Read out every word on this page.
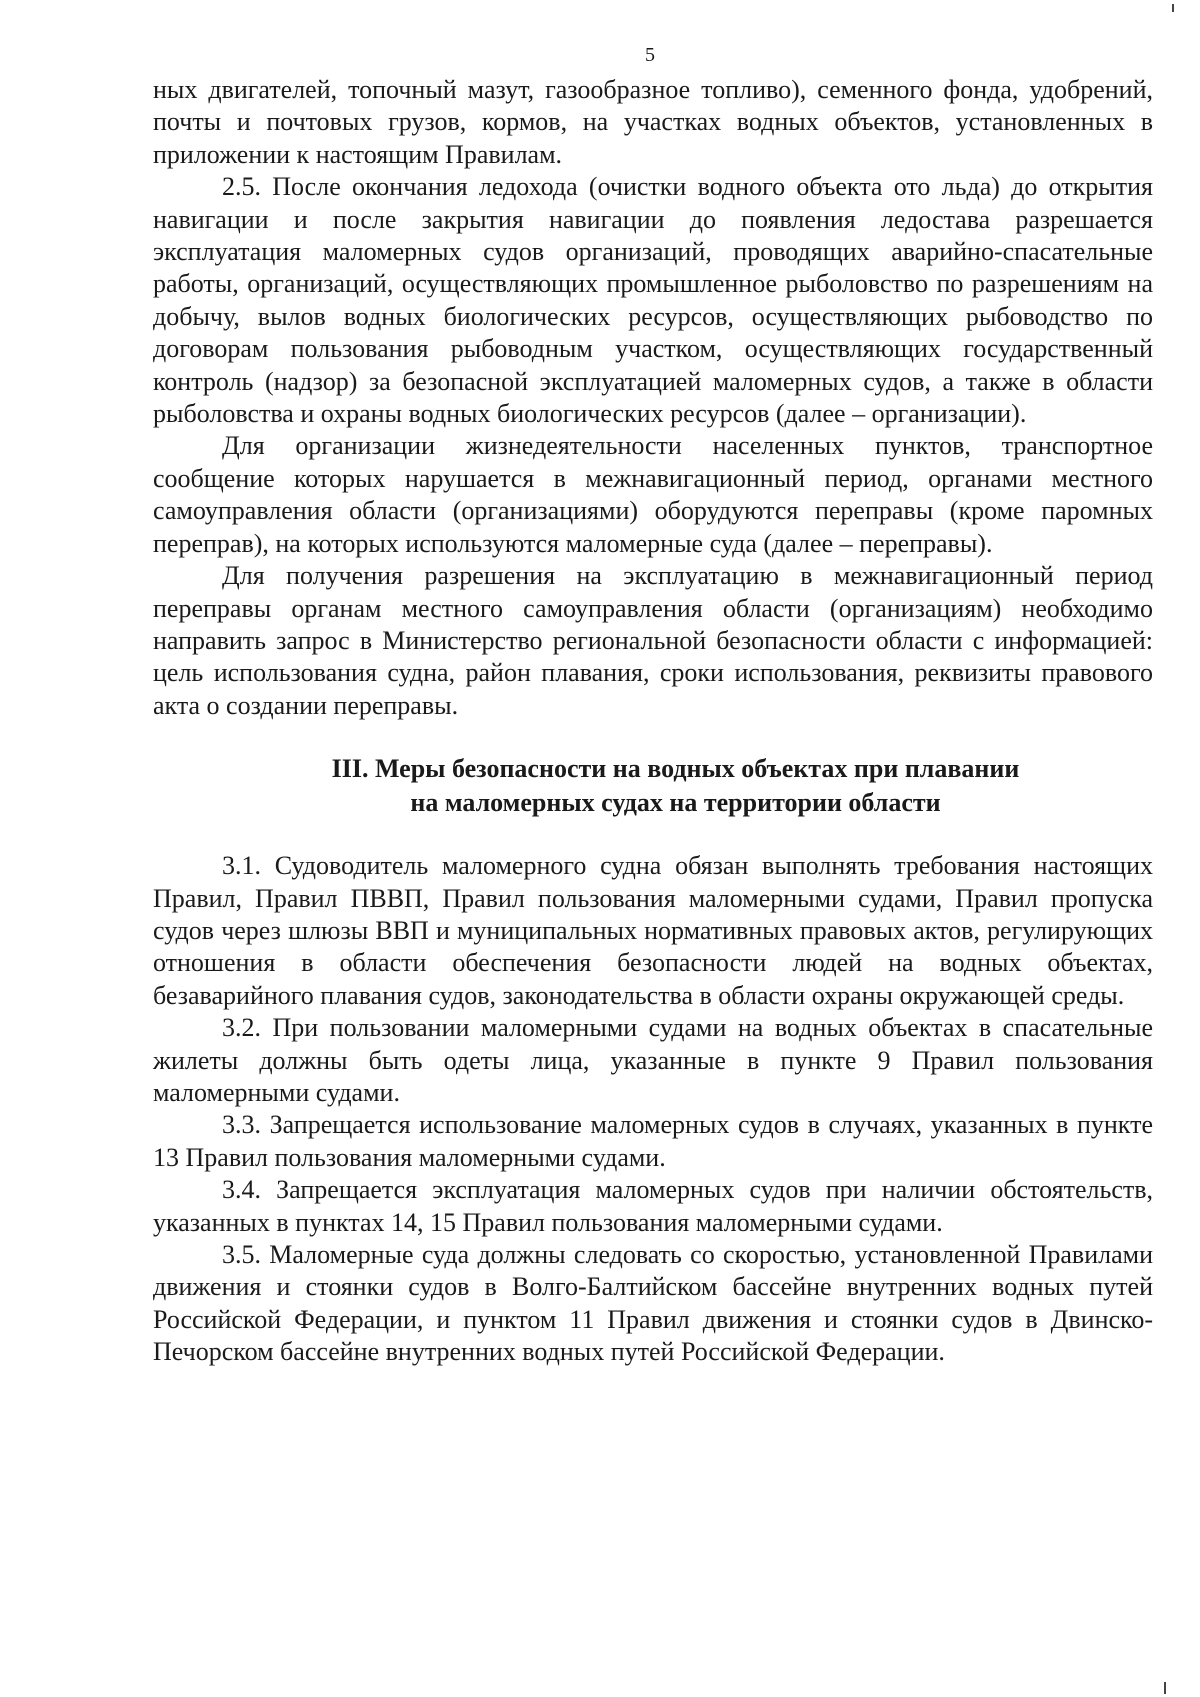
5

ных двигателей, топочный мазут, газообразное топливо), семенного фонда, удобрений, почты и почтовых грузов, кормов, на участках водных объектов, установленных в приложении к настоящим Правилам.

2.5. После окончания ледохода (очистки водного объекта ото льда) до открытия навигации и после закрытия навигации до появления ледостава разрешается эксплуатация маломерных судов организаций, проводящих аварийно-спасательные работы, организаций, осуществляющих промышленное рыболовство по разрешениям на добычу, вылов водных биологических ресурсов, осуществляющих рыбоводство по договорам пользования рыбоводным участком, осуществляющих государственный контроль (надзор) за безопасной эксплуатацией маломерных судов, а также в области рыболовства и охраны водных биологических ресурсов (далее – организации).

Для организации жизнедеятельности населенных пунктов, транспортное сообщение которых нарушается в межнавигационный период, органами местного самоуправления области (организациями) оборудуются переправы (кроме паромных переправ), на которых используются маломерные суда (далее – переправы).

Для получения разрешения на эксплуатацию в межнавигационный период переправы органам местного самоуправления области (организациям) необходимо направить запрос в Министерство региональной безопасности области с информацией: цель использования судна, район плавания, сроки использования, реквизиты правового акта о создании переправы.

III. Меры безопасности на водных объектах при плавании
на маломерных судах на территории области

3.1. Судоводитель маломерного судна обязан выполнять требования настоящих Правил, Правил ПВВП, Правил пользования маломерными судами, Правил пропуска судов через шлюзы ВВП и муниципальных нормативных правовых актов, регулирующих отношения в области обеспечения безопасности людей на водных объектах, безаварийного плавания судов, законодательства в области охраны окружающей среды.

3.2. При пользовании маломерными судами на водных объектах в спасательные жилеты должны быть одеты лица, указанные в пункте 9 Правил пользования маломерными судами.

3.3. Запрещается использование маломерных судов в случаях, указанных в пункте 13 Правил пользования маломерными судами.

3.4. Запрещается эксплуатация маломерных судов при наличии обстоятельств, указанных в пунктах 14, 15 Правил пользования маломерными судами.

3.5. Маломерные суда должны следовать со скоростью, установленной Правилами движения и стоянки судов в Волго-Балтийском бассейне внутренних водных путей Российской Федерации, и пунктом 11 Правил движения и стоянки судов в Двинско-Печорском бассейне внутренних водных путей Российской Федерации.
